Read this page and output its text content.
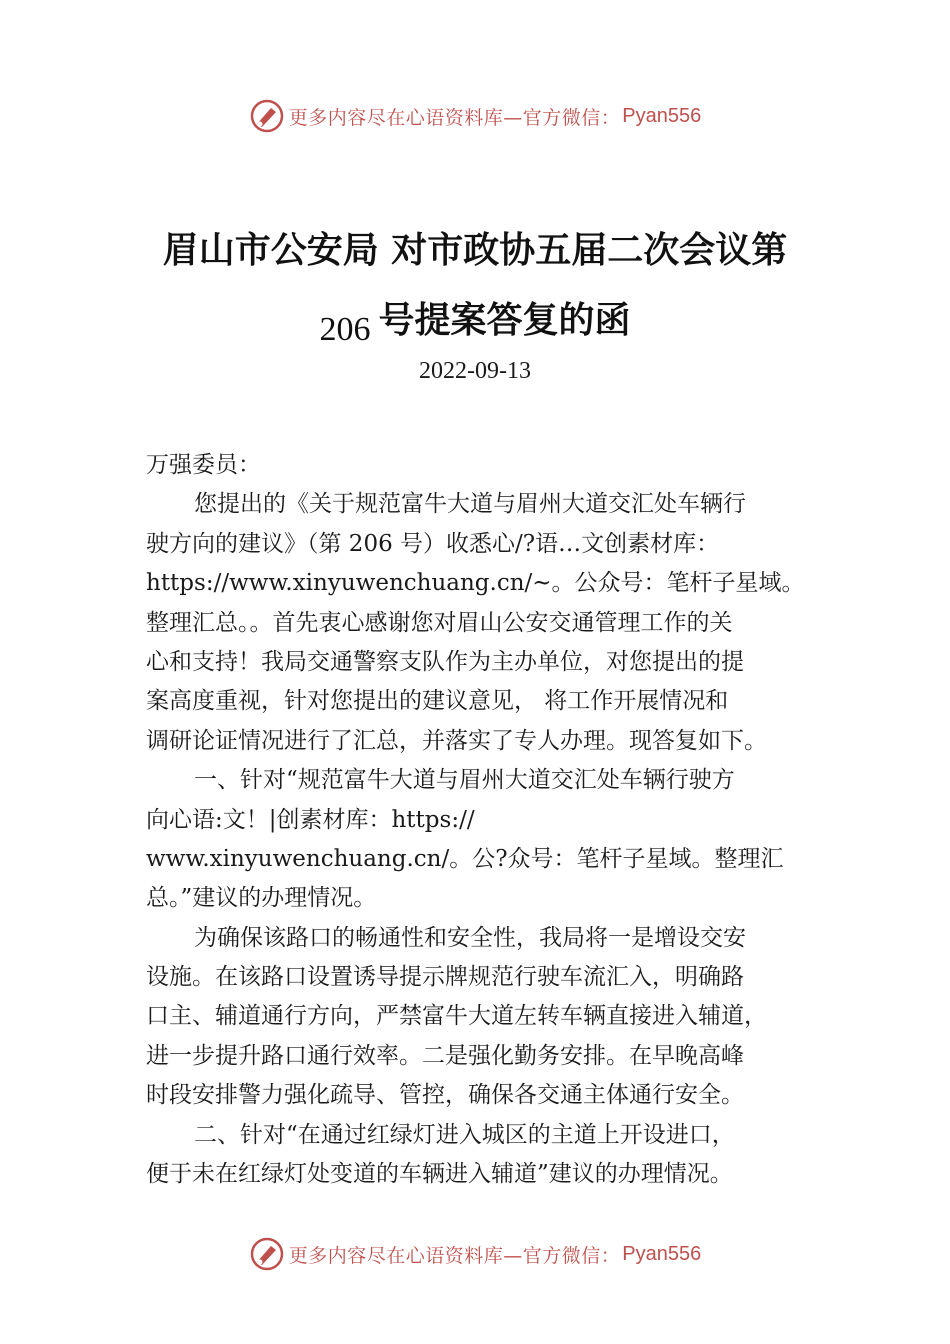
更多内容尽在心语资料库—官方微信： Pyan556
眉山市公安局 对市政协五届二次会议第
206 号提案答复的函
2022-09-13
万强委员：
您提出的《关于规范富牛大道与眉州大道交汇处车辆行
驶方向的建议》（第 206 号）收悉心/?语…文创素材库：
https://www.xinyuwenchuang.cn/~。公众号：笔杆子星域。
整理汇总。。首先衷心感谢您对眉山公安交通管理工作的关
心和支持！我局交通警察支队作为主办单位，对您提出的提
案高度重视，针对您提出的建议意见， 将工作开展情况和
调研论证情况进行了汇总，并落实了专人办理。现答复如下。
一、针对“规范富牛大道与眉州大道交汇处车辆行驶方
向心语:文！|创素材库：https://
www.xinyuwenchuang.cn/。公?众号：笔杆子星域。整理汇
总。”建议的办理情况。
为确保该路口的畅通性和安全性，我局将一是增设交安
设施。在该路口设置诱导提示牌规范行驶车流汇入，明确路
口主、辅道通行方向，严禁富牛大道左转车辆直接进入辅道，
进一步提升路口通行效率。二是强化勤务安排。在早晚高峰
时段安排警力强化疏导、管控，确保各交通主体通行安全。
二、针对“在通过红绿灯进入城区的主道上开设进口，
便于未在红绿灯处变道的车辆进入辅道”建议的办理情况。
更多内容尽在心语资料库—官方微信： Pyan556
